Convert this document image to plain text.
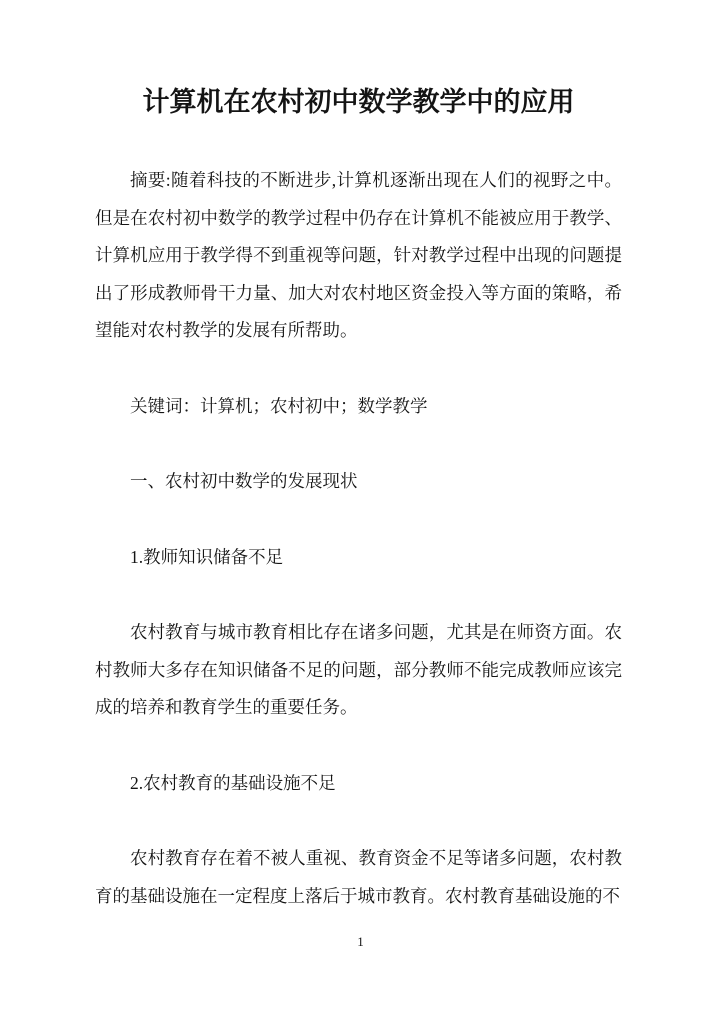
计算机在农村初中数学教学中的应用

摘要:随着科技的不断进步,计算机逐渐出现在人们的视野之中。但是在农村初中数学的教学过程中仍存在计算机不能被应用于教学、计算机应用于教学得不到重视等问题，针对教学过程中出现的问题提出了形成教师骨干力量、加大对农村地区资金投入等方面的策略，希望能对农村教学的发展有所帮助。

关键词：计算机；农村初中；数学教学

一、农村初中数学的发展现状

1.教师知识储备不足

农村教育与城市教育相比存在诸多问题，尤其是在师资方面。农村教师大多存在知识储备不足的问题，部分教师不能完成教师应该完成的培养和教育学生的重要任务。

2.农村教育的基础设施不足

农村教育存在着不被人重视、教育资金不足等诸多问题，农村教育的基础设施在一定程度上落后于城市教育。农村教育基础设施的不

1
